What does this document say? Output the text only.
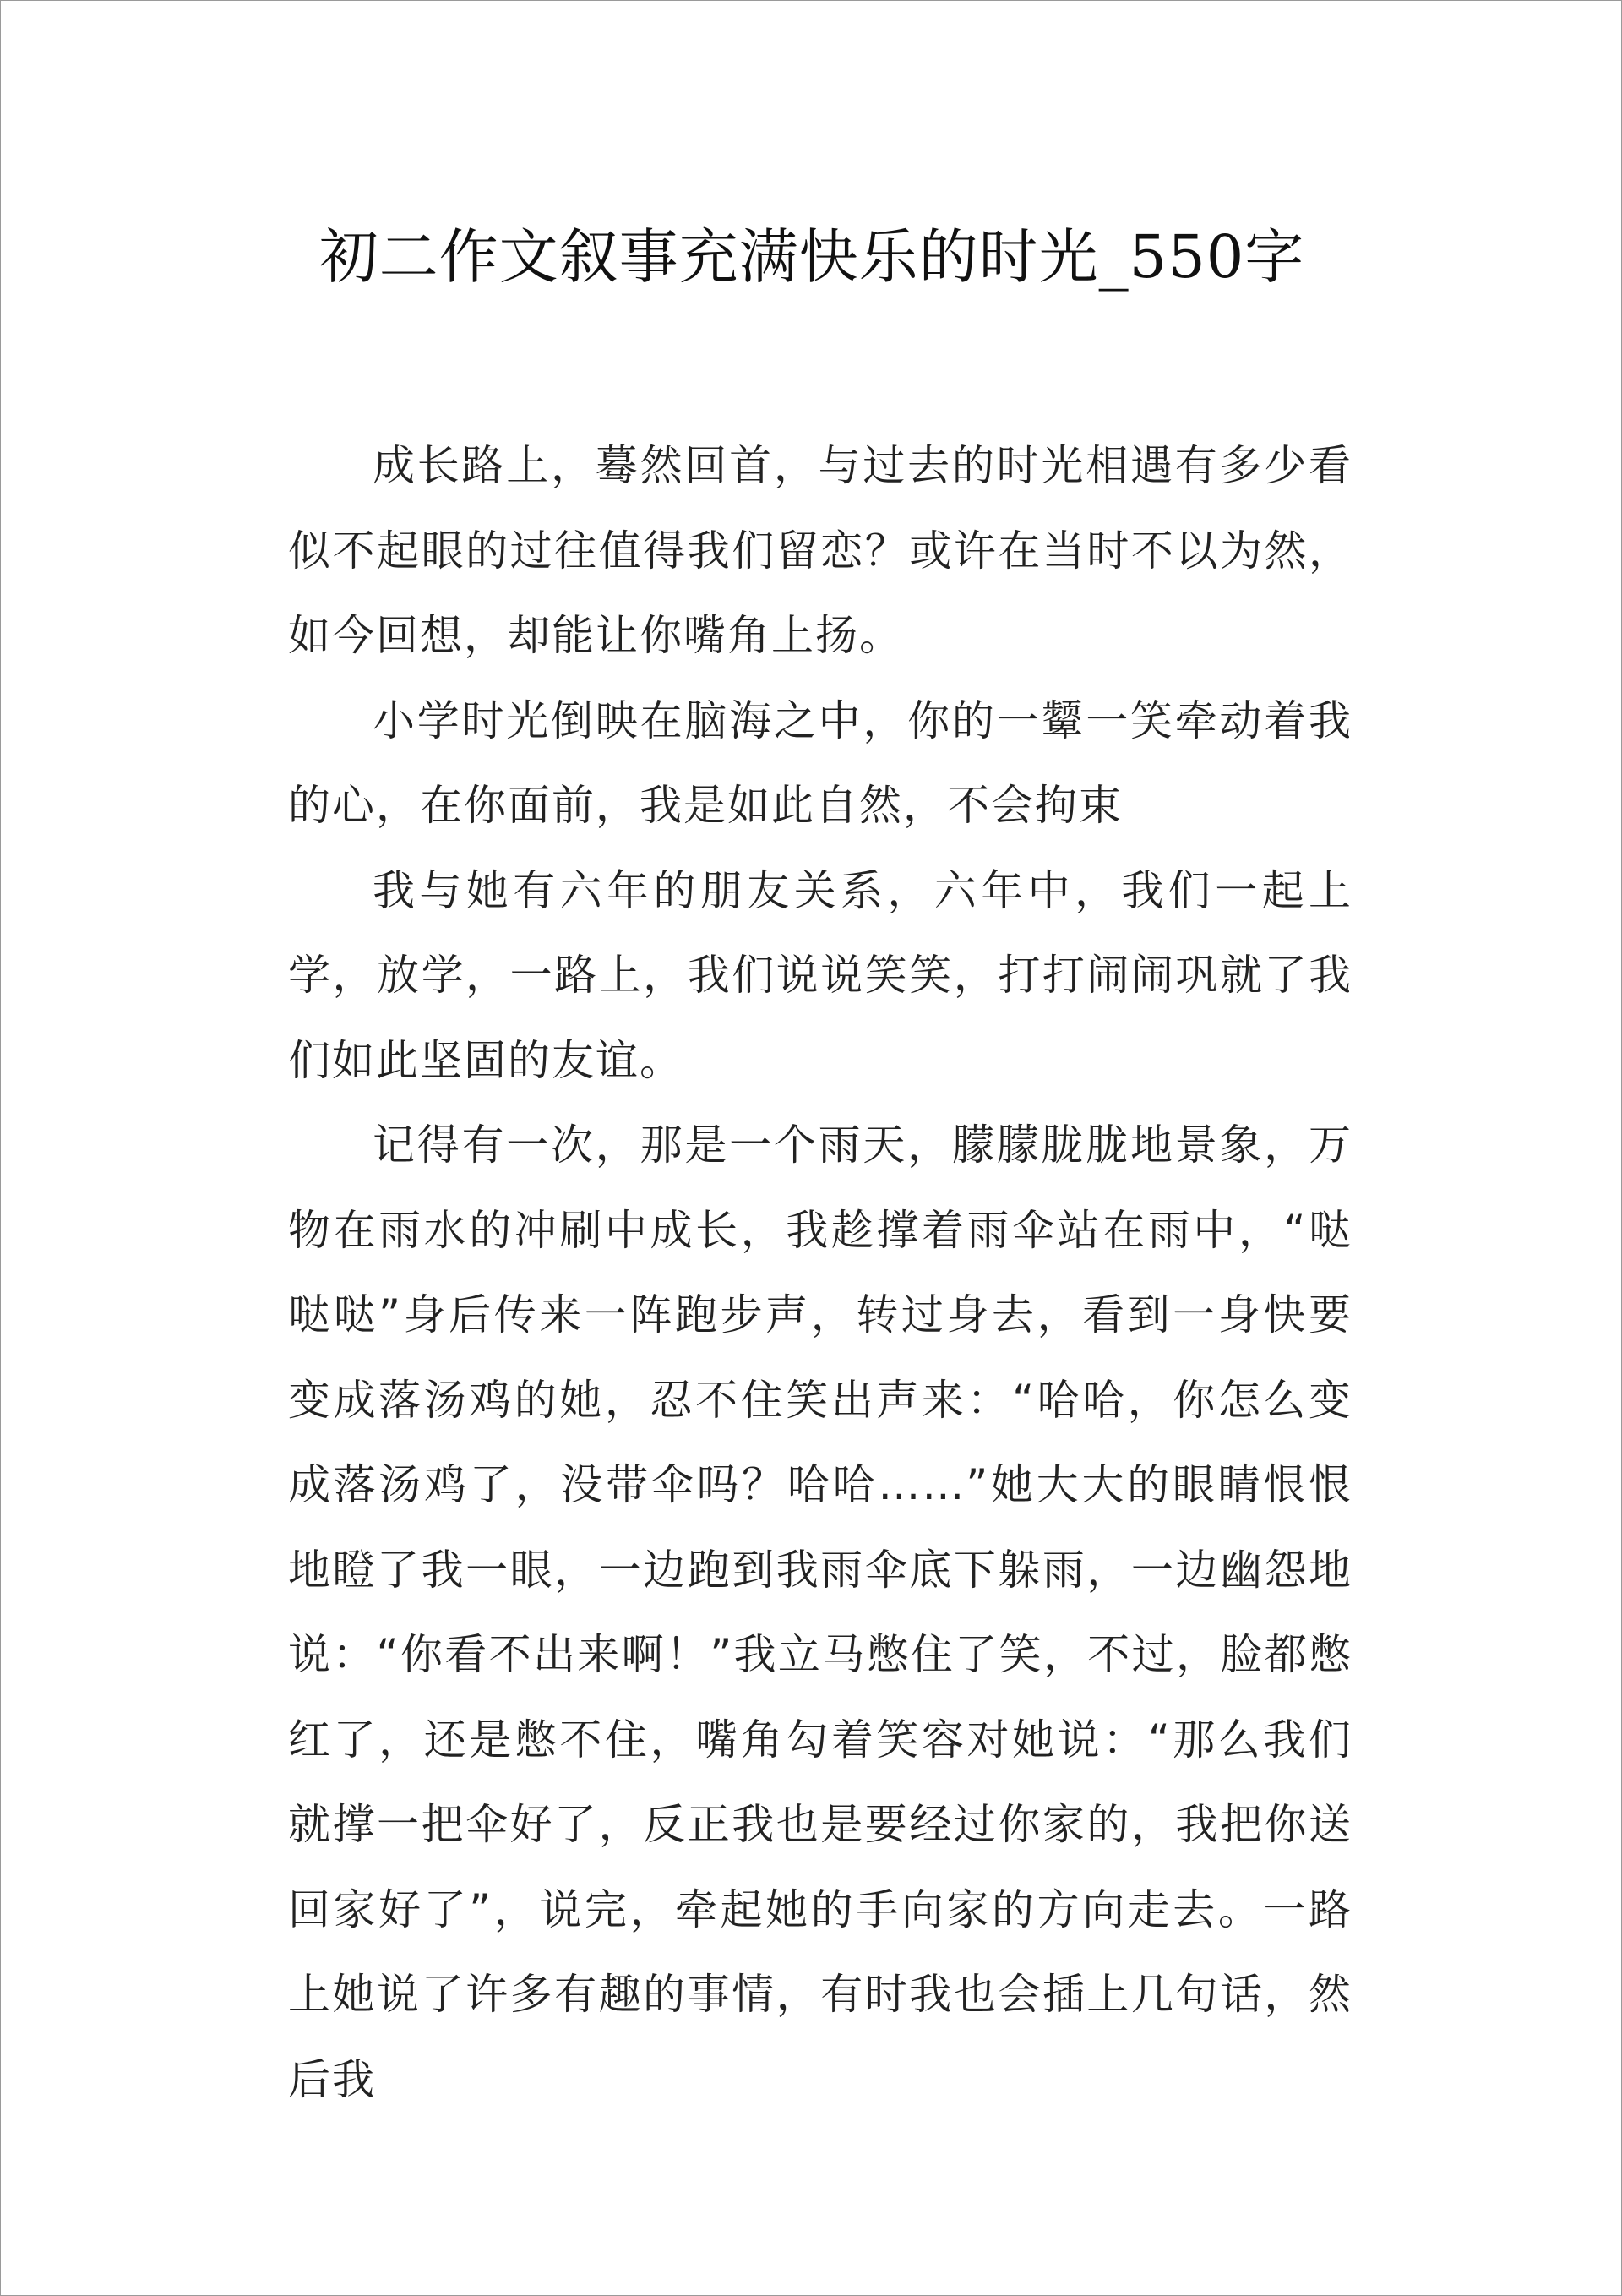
初二作文叙事充满快乐的时光_550字

成长路上，蓦然回首，与过去的时光相遇有多少看似不起眼的过往值得我们留恋？或许在当时不以为然，如今回想，却能让你嘴角上扬。

小学时光倒映在脑海之中，你的一颦一笑牵动着我的心，在你面前，我是如此自然，不会拘束

我与她有六年的朋友关系，六年中，我们一起上学，放学，一路上，我们说说笑笑，打打闹闹巩就了我们如此坚固的友谊。

记得有一次，那是一个雨天，朦朦胧胧地景象，万物在雨水的冲刷中成长，我趁撑着雨伞站在雨中，“哒哒哒”身后传来一阵跑步声，转过身去，看到一身快要变成落汤鸡的她，忍不住笑出声来：“哈哈，你怎么变成落汤鸡了，没带伞吗？哈哈……”她大大的眼睛恨恨地瞪了我一眼，一边跑到我雨伞底下躲雨，一边幽怨地说：“你看不出来啊！”我立马憋住了笑，不过，脸都憋红了，还是憋不住，嘴角勾着笑容对她说：“那么我们就撑一把伞好了，反正我也是要经过你家的，我把你送回家好了”，说完，牵起她的手向家的方向走去。一路上她说了许多有趣的事情，有时我也会插上几句话，然后我
